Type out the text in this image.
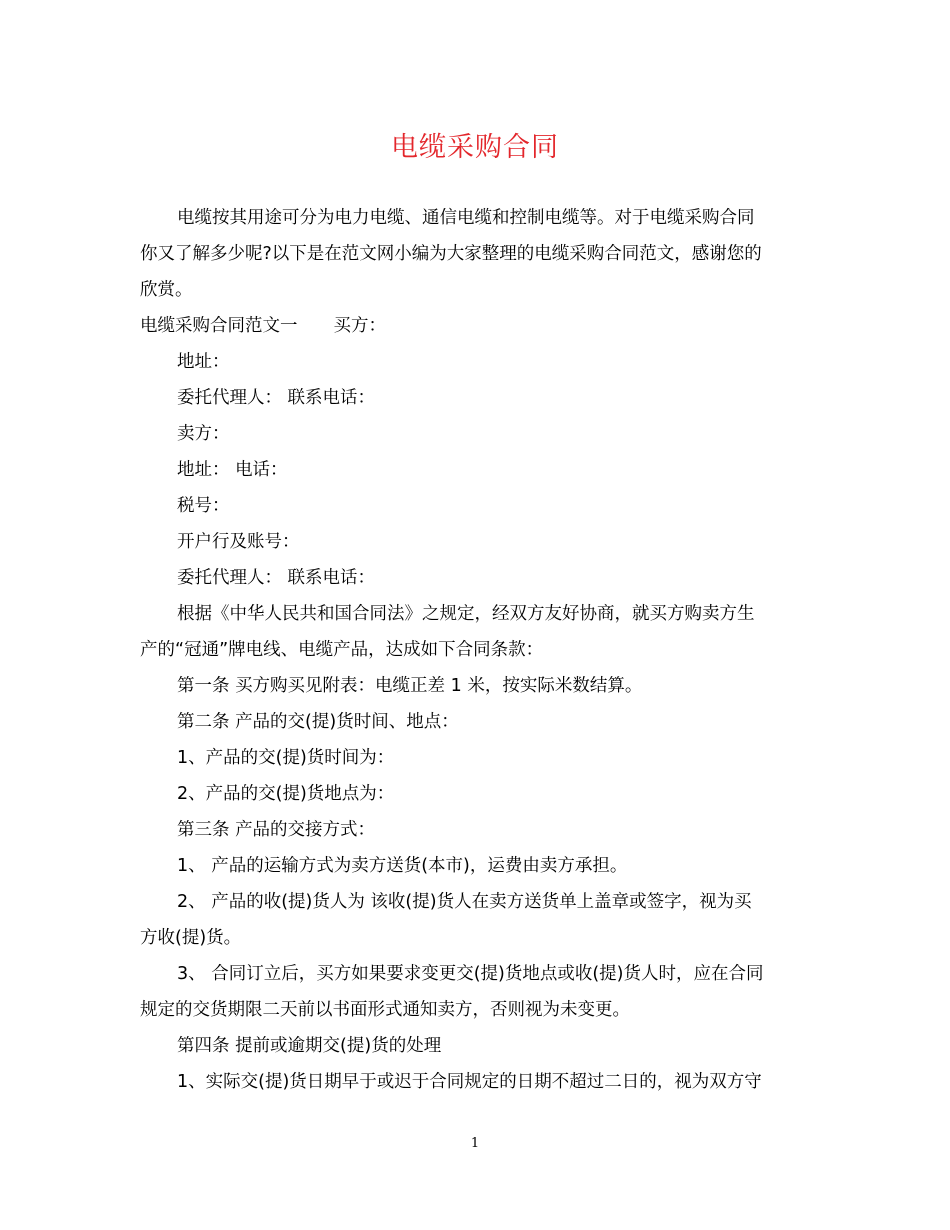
电缆采购合同

电缆按其用途可分为电力电缆、通信电缆和控制电缆等。对于电缆采购合同

你又了解多少呢?以下是在范文网小编为大家整理的电缆采购合同范文，感谢您的

欣赏。

电缆采购合同范文一 买方：

地址：

委托代理人： 联系电话：

卖方：

地址： 电话：

税号：

开户行及账号：

委托代理人： 联系电话：

根据《中华人民共和国合同法》之规定，经双方友好协商，就买方购卖方生

产的“冠通”牌电线、电缆产品，达成如下合同条款：

第一条 买方购买见附表：电缆正差 1 米，按实际米数结算。

第二条 产品的交(提)货时间、地点：

1、产品的交(提)货时间为：

2、产品的交(提)货地点为：

第三条 产品的交接方式：

1、 产品的运输方式为卖方送货(本市)，运费由卖方承担。

2、 产品的收(提)货人为 该收(提)货人在卖方送货单上盖章或签字，视为买

方收(提)货。

3、 合同订立后，买方如果要求变更交(提)货地点或收(提)货人时，应在合同

规定的交货期限二天前以书面形式通知卖方，否则视为未变更。

第四条 提前或逾期交(提)货的处理

1、实际交(提)货日期早于或迟于合同规定的日期不超过二日的，视为双方守

1
